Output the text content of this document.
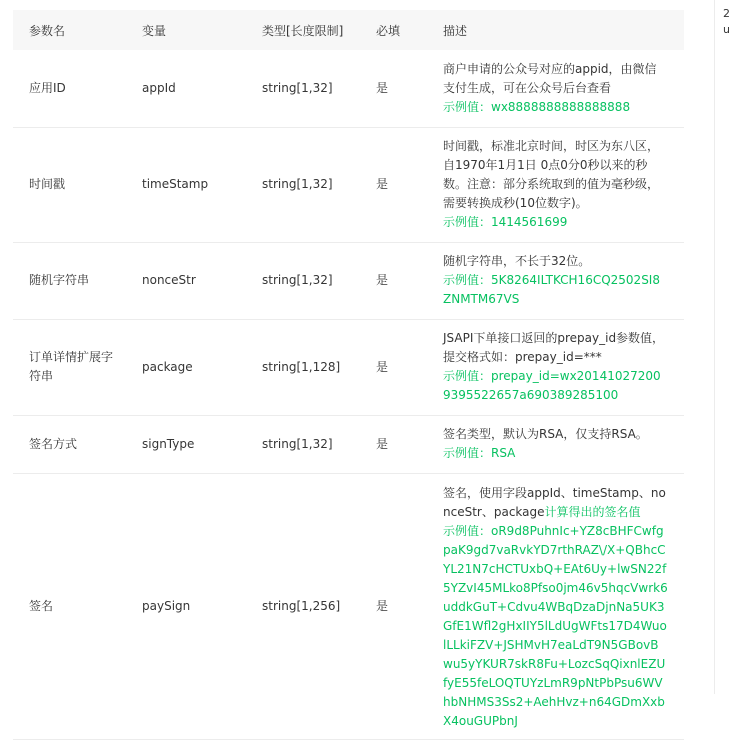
参数名	变量	类型[长度限制]	必填	描述
应用ID	appId	string[1,32]	是	商户申请的公众号对应的appid，由微信支付生成，可在公众号后台查看
示例值：wx8888888888888888

时间戳	timeStamp	string[1,32]	是	时间戳，标准北京时间，时区为东八区，自1970年1月1日 0点0分0秒以来的秒数。注意：部分系统取到的值为毫秒级，需要转换成秒(10位数字)。
示例值：1414561699

随机字符串	nonceStr	string[1,32]	是	随机字符串，不长于32位。
示例值：5K8264ILTKCH16CQ2502SI8ZNMTM67VS

订单详情扩展字符串	package	string[1,128]	是	JSAPI下单接口返回的prepay_id参数值，提交格式如：prepay_id=***
示例值：prepay_id=wx201410272009395522657a690389285100

签名方式	signType	string[1,32]	是	签名类型，默认为RSA，仅支持RSA。
示例值：RSA

签名	paySign	string[1,256]	是	签名，使用字段appId、timeStamp、nonceStr、package计算得出的签名值
示例值：oR9d8PuhnIc+YZ8cBHFCwfgpaK9gd7vaRvkYD7rthRAZ\/X+QBhcCYL21N7cHCTUxbQ+EAt6Uy+lwSN22f5YZvI45MLko8Pfso0jm46v5hqcVwrk6uddkGuT+Cdvu4WBqDzaDjnNa5UK3GfE1Wfl2gHxIIY5lLdUgWFts17D4WuolLLkiFZV+JSHMvH7eaLdT9N5GBovBwu5yYKUR7skR8Fu+LozcSqQixnlEZUfyE55feLOQTUYzLmR9pNtPbPsu6WVhbNHMS3Ss2+AehHvz+n64GDmXxbX4ouGUPbnJ
2
u
